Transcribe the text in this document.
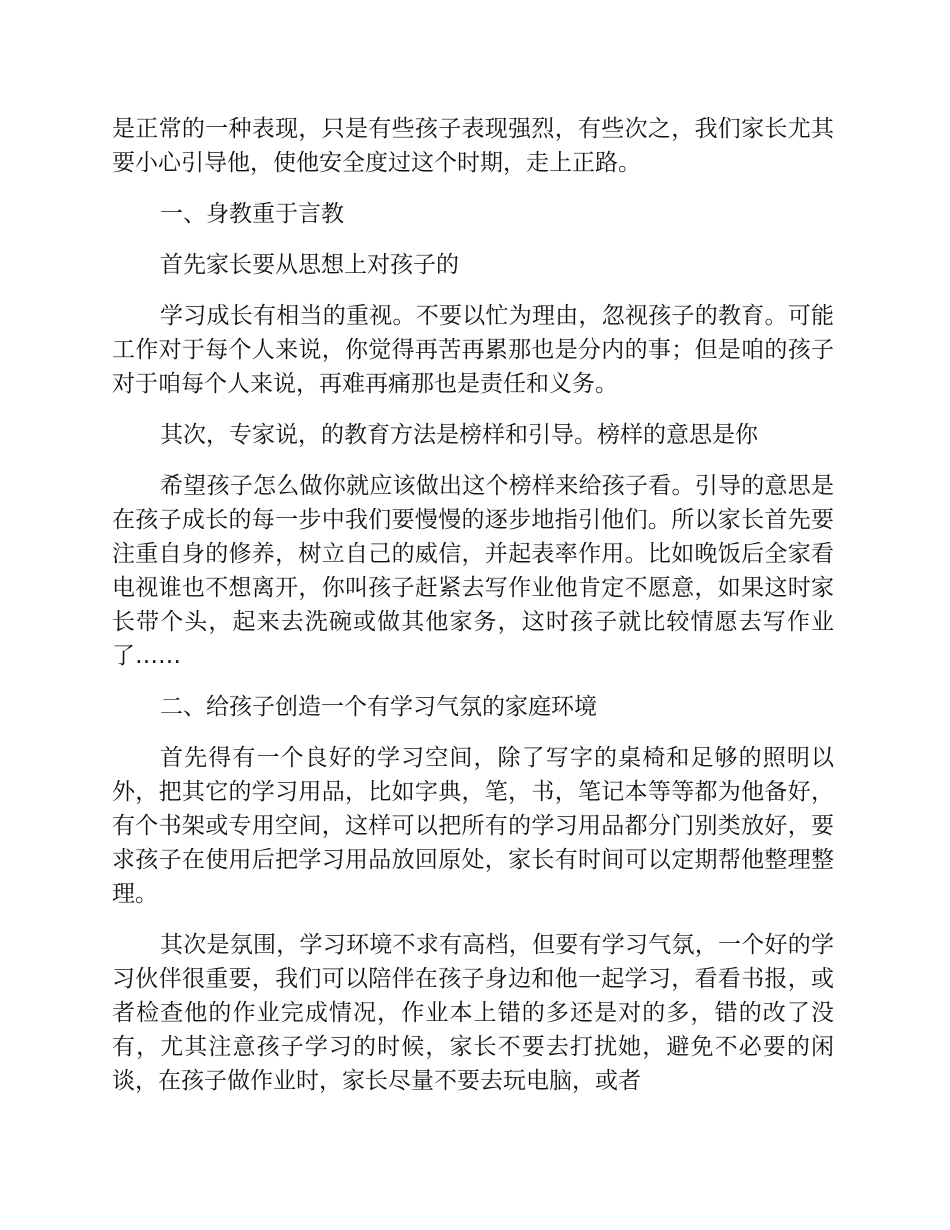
是正常的一种表现，只是有些孩子表现强烈，有些次之，我们家长尤其要小心引导他，使他安全度过这个时期，走上正路。

一、身教重于言教

首先家长要从思想上对孩子的

学习成长有相当的重视。不要以忙为理由，忽视孩子的教育。可能工作对于每个人来说，你觉得再苦再累那也是分内的事；但是咱的孩子对于咱每个人来说，再难再痛那也是责任和义务。

其次，专家说，的教育方法是榜样和引导。榜样的意思是你

希望孩子怎么做你就应该做出这个榜样来给孩子看。引导的意思是在孩子成长的每一步中我们要慢慢的逐步地指引他们。所以家长首先要注重自身的修养，树立自己的威信，并起表率作用。比如晚饭后全家看电视谁也不想离开，你叫孩子赶紧去写作业他肯定不愿意，如果这时家长带个头，起来去洗碗或做其他家务，这时孩子就比较情愿去写作业了……

二、给孩子创造一个有学习气氛的家庭环境

首先得有一个良好的学习空间，除了写字的桌椅和足够的照明以外，把其它的学习用品，比如字典，笔，书，笔记本等等都为他备好，有个书架或专用空间，这样可以把所有的学习用品都分门别类放好，要求孩子在使用后把学习用品放回原处，家长有时间可以定期帮他整理整理。

其次是氛围，学习环境不求有高档，但要有学习气氛，一个好的学习伙伴很重要，我们可以陪伴在孩子身边和他一起学习，看看书报，或者检查他的作业完成情况，作业本上错的多还是对的多，错的改了没有，尤其注意孩子学习的时候，家长不要去打扰她，避免不必要的闲谈，在孩子做作业时，家长尽量不要去玩电脑，或者
